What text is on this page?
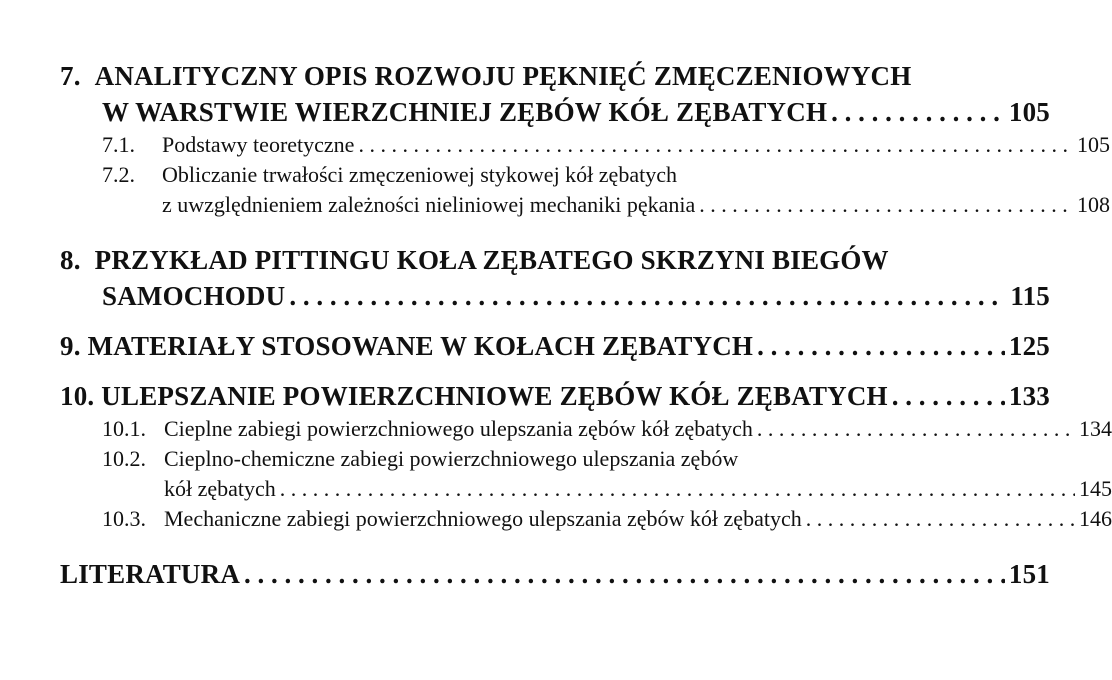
7. ANALITYCZNY OPIS ROZWOJU PĘKNIĘĆ ZMĘCZENIOWYCH
W WARSTWIE WIERZCHNIEJ ZĘBÓW KÓŁ ZĘBATYCH . . .	105
7.1.	Podstawy teoretyczne . . .	105
7.2.	Obliczanie trwałości zmęczeniowej stykowej kół zębatych
z uwzględnieniem zależności nieliniowej mechaniki pękania . . .	108
8. PRZYKŁAD PITTINGU KOŁA ZĘBATEGO SKRZYNI BIEGÓW
SAMOCHODU . . .	115
9. MATERIAŁY STOSOWANE W KOŁACH ZĘBATYCH . . .	125
10. ULEPSZANIE POWIERZCHNIOWE ZĘBÓW KÓŁ ZĘBATYCH . . .	133
10.1. Cieplne zabiegi powierzchniowego ulepszania zębów kół zębatych . . .	134
10.2. Cieplno-chemiczne zabiegi powierzchniowego ulepszania zębów
kół zębatych . . .	145
10.3. Mechaniczne zabiegi powierzchniowego ulepszania zębów kół zębatych . . .	146
LITERATURA . . .	151
